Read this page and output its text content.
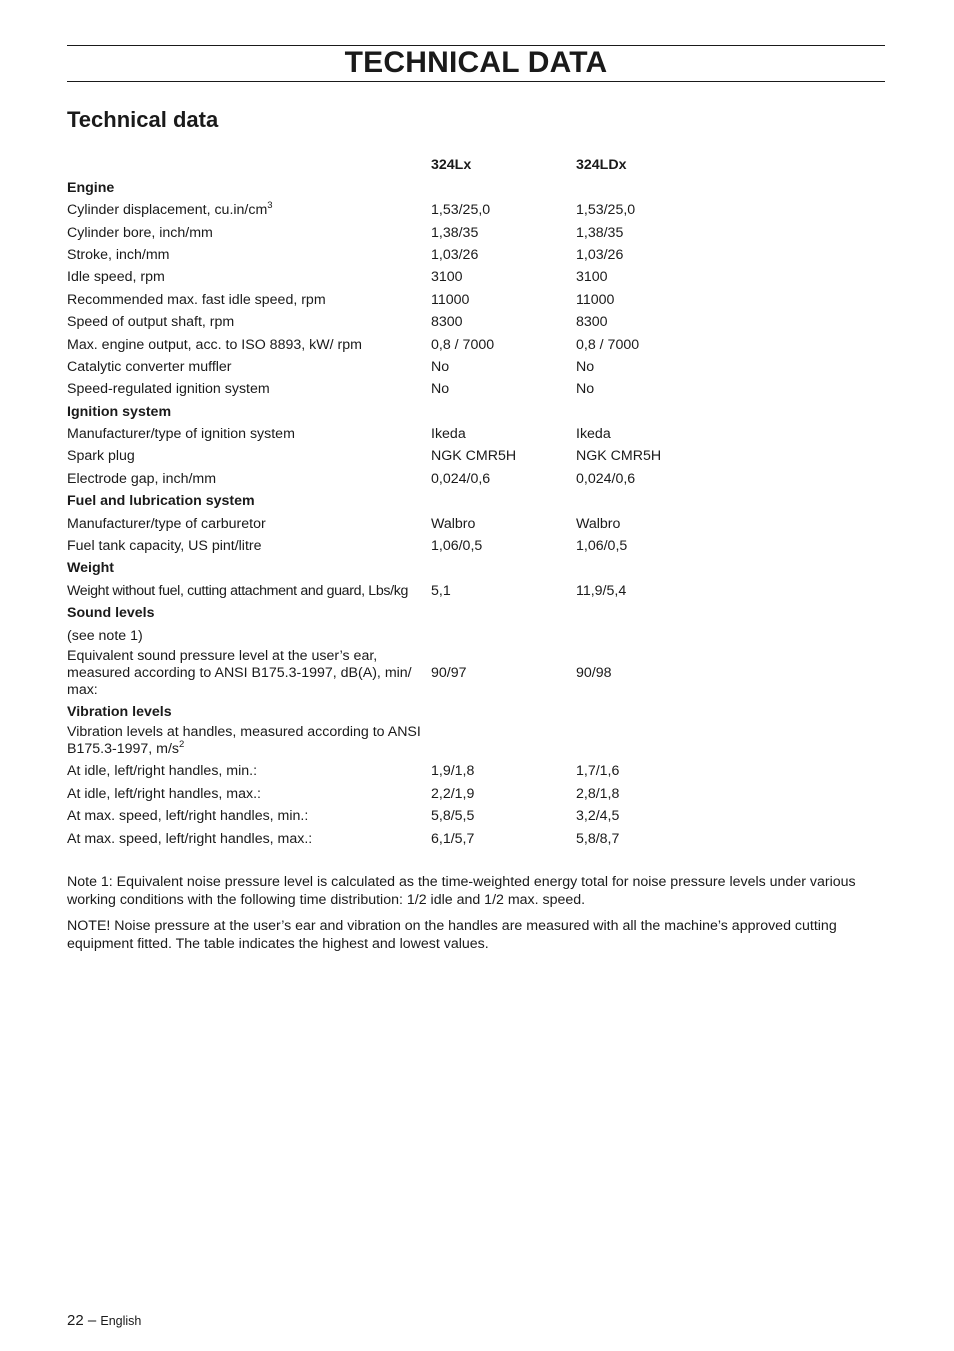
TECHNICAL DATA
Technical data
324Lx	324LDx
Engine
Cylinder displacement, $cu.in/cm^3$	1,53/25,0	1,53/25,0
Cylinder bore, inch/mm	1,38/35	1,38/35
Stroke, inch/mm	1,03/26	1,03/26
Idle speed, rpm	3100	3100
Recommended max. fast idle speed, rpm	11000	11000
Speed of output shaft, rpm	8300	8300
Max. engine output, acc. to ISO 8893, kW/ rpm	0,8 / 7000	0,8 / 7000
Catalytic converter muffler	No	No
Speed-regulated ignition system	No	No
Ignition system
Manufacturer/type of ignition system	Ikeda	Ikeda
Spark plug	NGK CMR5H	NGK CMR5H
Electrode gap, inch/mm	0,024/0,6	0,024/0,6
Fuel and lubrication system
Manufacturer/type of carburetor	Walbro	Walbro
Fuel tank capacity, US pint/litre	1,06/0,5	1,06/0,5
Weight
Weight without fuel, cutting attachment and guard, Lbs/kg	5,1	11,9/5,4
Sound levels
(see note 1)
Equivalent sound pressure level at the user’s ear, measured according to ANSI B175.3-1997, dB(A), min/ max:
90/97	90/98
Vibration levels
Vibration levels at handles, measured according to ANSI B175.3-1997, $m/s^2$
At idle, left/right handles, min.:	1,9/1,8	1,7/1,6
At idle, left/right handles, max.:	2,2/1,9	2,8/1,8
At max. speed, left/right handles, min.:	5,8/5,5	3,2/4,5
At max. speed, left/right handles, max.:	6,1/5,7	5,8/8,7

Note 1: Equivalent noise pressure level is calculated as the time-weighted energy total for noise pressure levels under various working conditions with the following time distribution: 1/2 idle and 1/2 max. speed.

NOTE! Noise pressure at the user’s ear and vibration on the handles are measured with all the machine’s approved cutting equipment fitted. The table indicates the highest and lowest values.

22 – English
